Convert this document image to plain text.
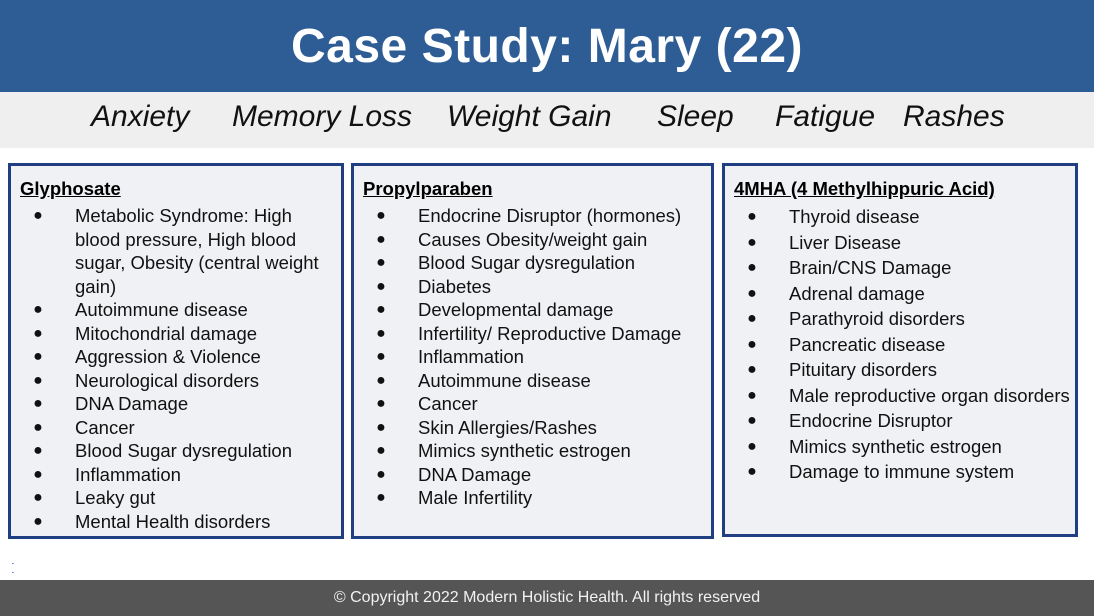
Case Study: Mary (22)
Anxiety Memory Loss Weight Gain Sleep Fatigue Rashes
Glyphosate
● Metabolic Syndrome: High blood pressure, High blood sugar, Obesity (central weight gain)
● Autoimmune disease
● Mitochondrial damage
● Aggression & Violence
● Neurological disorders
● DNA Damage
● Cancer
● Blood Sugar dysregulation
● Inflammation
● Leaky gut
● Mental Health disorders
Propylparaben
● Endocrine Disruptor (hormones)
● Causes Obesity/weight gain
● Blood Sugar dysregulation
● Diabetes
● Developmental damage
● Infertility/ Reproductive Damage
● Inflammation
● Autoimmune disease
● Cancer
● Skin Allergies/Rashes
● Mimics synthetic estrogen
● DNA Damage
● Male Infertility
4MHA (4 Methylhippuric Acid)
● Thyroid disease
● Liver Disease
● Brain/CNS Damage
● Adrenal damage
● Parathyroid disorders
● Pancreatic disease
● Pituitary disorders
● Male reproductive organ disorders
● Endocrine Disruptor
● Mimics synthetic estrogen
● Damage to immune system

© Copyright 2022 Modern Holistic Health. All rights reserved
